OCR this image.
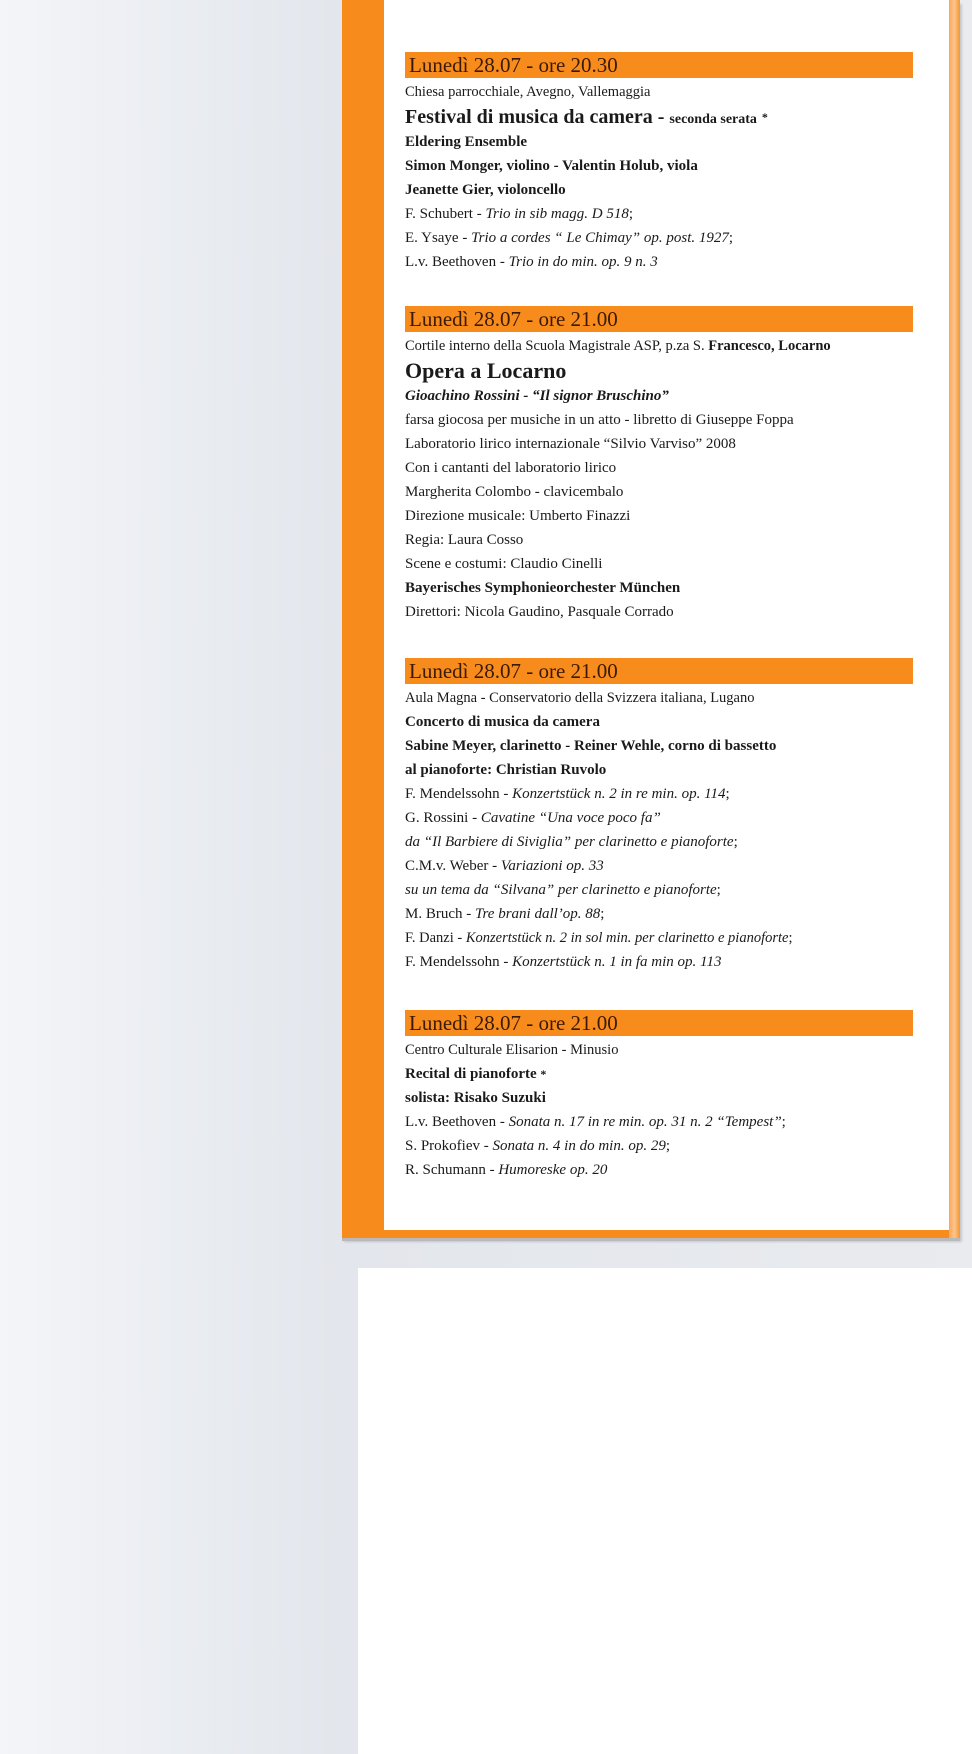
Lunedì 28.07 - ore 20.30
Chiesa parrocchiale, Avegno, Vallemaggia
Festival di musica da camera - seconda serata *
Eldering Ensemble
Simon Monger, violino - Valentin Holub, viola
Jeanette Gier, violoncello
F. Schubert - Trio in sib magg. D 518;
E. Ysaye - Trio a cordes “ Le Chimay” op. post. 1927;
L.v. Beethoven - Trio in do min. op. 9 n. 3
Lunedì 28.07 - ore 21.00
Cortile interno della Scuola Magistrale ASP, p.za S. Francesco, Locarno
Opera a Locarno
Gioachino Rossini - “Il signor Bruschino”
farsa giocosa per musiche in un atto - libretto di Giuseppe Foppa
Laboratorio lirico internazionale “Silvio Varviso” 2008
Con i cantanti del laboratorio lirico
Margherita Colombo - clavicembalo
Direzione musicale: Umberto Finazzi
Regia: Laura Cosso
Scene e costumi: Claudio Cinelli
Bayerisches Symphonieorchester München
Direttori: Nicola Gaudino, Pasquale Corrado
Lunedì 28.07 - ore 21.00
Aula Magna - Conservatorio della Svizzera italiana, Lugano
Concerto di musica da camera
Sabine Meyer, clarinetto - Reiner Wehle, corno di bassetto
al pianoforte: Christian Ruvolo
F. Mendelssohn - Konzertstück n. 2 in re min. op. 114;
G. Rossini - Cavatine “Una voce poco fa”
da “Il Barbiere di Siviglia” per clarinetto e pianoforte;
C.M.v. Weber - Variazioni op. 33
su un tema da “Silvana” per clarinetto e pianoforte;
M. Bruch - Tre brani dall’op. 88;
F. Danzi - Konzertstück n. 2 in sol min. per clarinetto e pianoforte;
F. Mendelssohn - Konzertstück n. 1 in fa min op. 113
Lunedì 28.07 - ore 21.00
Centro Culturale Elisarion - Minusio
Recital di pianoforte *
solista: Risako Suzuki
L.v. Beethoven - Sonata n. 17 in re min. op. 31 n. 2 “Tempest”;
S. Prokofiev - Sonata n. 4 in do min. op. 29;
R. Schumann - Humoreske op. 20
